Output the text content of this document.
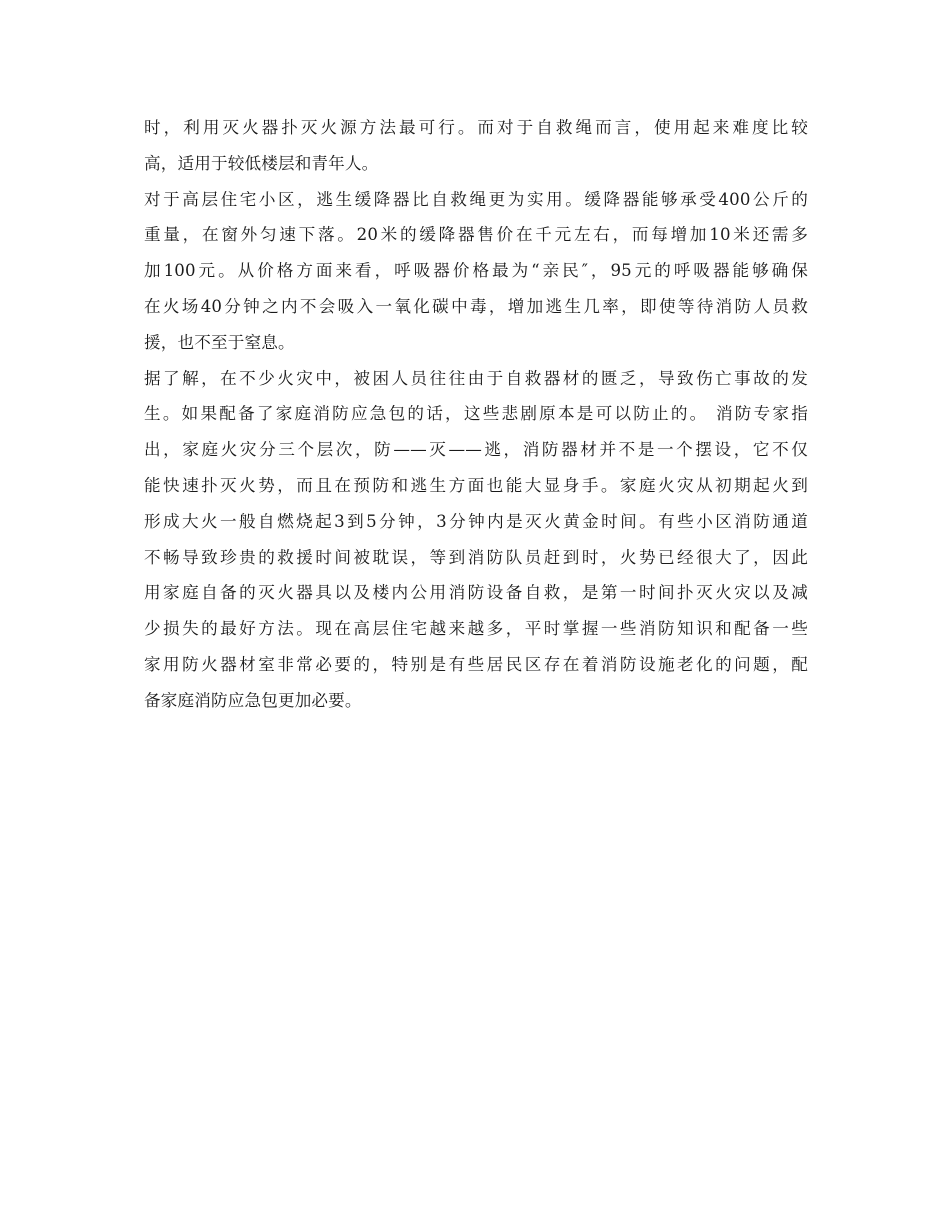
时，利用灭火器扑灭火源方法最可行。而对于自救绳而言，使用起来难度比较
高，适用于较低楼层和青年人。
对于高层住宅小区，逃生缓降器比自救绳更为实用。缓降器能够承受400公斤的
重量，在窗外匀速下落。20米的缓降器售价在千元左右，而每增加10米还需多
加100元。从价格方面来看，呼吸器价格最为“亲民″，95元的呼吸器能够确保
在火场40分钟之内不会吸入一氧化碳中毒，增加逃生几率，即使等待消防人员救
援，也不至于窒息。
据了解，在不少火灾中，被困人员往往由于自救器材的匮乏，导致伤亡事故的发
生。如果配备了家庭消防应急包的话，这些悲剧原本是可以防止的。 消防专家指
出，家庭火灾分三个层次，防——灭——逃，消防器材并不是一个摆设，它不仅
能快速扑灭火势，而且在预防和逃生方面也能大显身手。家庭火灾从初期起火到
形成大火一般自燃烧起3到5分钟，3分钟内是灭火黄金时间。有些小区消防通道
不畅导致珍贵的救援时间被耽误，等到消防队员赶到时，火势已经很大了，因此
用家庭自备的灭火器具以及楼内公用消防设备自救，是第一时间扑灭火灾以及减
少损失的最好方法。现在高层住宅越来越多，平时掌握一些消防知识和配备一些
家用防火器材室非常必要的，特别是有些居民区存在着消防设施老化的问题，配
备家庭消防应急包更加必要。
